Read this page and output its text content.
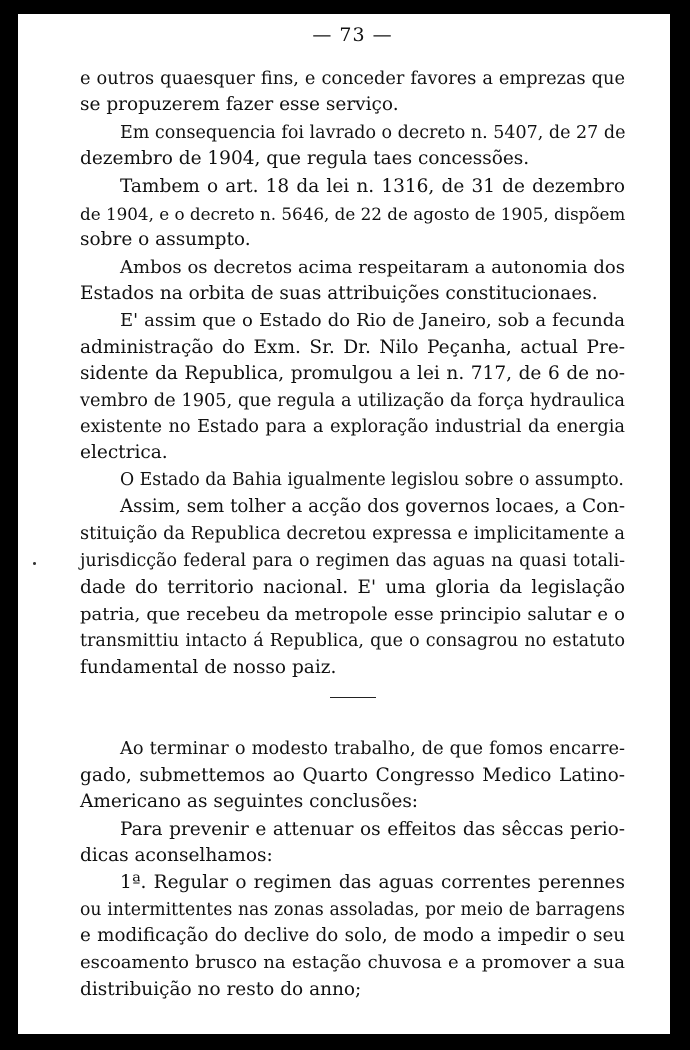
— 73 —
e outros quaesquer fins, e conceder favores a emprezas que
se propuzerem fazer esse serviço.
Em consequencia foi lavrado o decreto n. 5407, de 27 de
dezembro de 1904, que regula taes concessões.
Tambem o art. 18 da lei n. 1316, de 31 de dezembro
de 1904, e o decreto n. 5646, de 22 de agosto de 1905, dispõem
sobre o assumpto.
Ambos os decretos acima respeitaram a autonomia dos
Estados na orbita de suas attribuições constitucionaes.
E' assim que o Estado do Rio de Janeiro, sob a fecunda
administração do Exm. Sr. Dr. Nilo Peçanha, actual Pre-
sidente da Republica, promulgou a lei n. 717, de 6 de no-
vembro de 1905, que regula a utilização da força hydraulica
existente no Estado para a exploração industrial da energia
electrica.
O Estado da Bahia igualmente legislou sobre o assumpto.
Assim, sem tolher a acção dos governos locaes, a Con-
stituição da Republica decretou expressa e implicitamente a
jurisdicção federal para o regimen das aguas na quasi totali-
dade do territorio nacional. E' uma gloria da legislação
patria, que recebeu da metropole esse principio salutar e o
transmittiu intacto á Republica, que o consagrou no estatuto
fundamental de nosso paiz.
Ao terminar o modesto trabalho, de que fomos encarre-
gado, submettemos ao Quarto Congresso Medico Latino-
Americano as seguintes conclusões:
Para prevenir e attenuar os effeitos das sêccas perio-
dicas aconselhamos:
1ª. Regular o regimen das aguas correntes perennes
ou intermittentes nas zonas assoladas, por meio de barragens
e modificação do declive do solo, de modo a impedir o seu
escoamento brusco na estação chuvosa e a promover a sua
distribuição no resto do anno;
